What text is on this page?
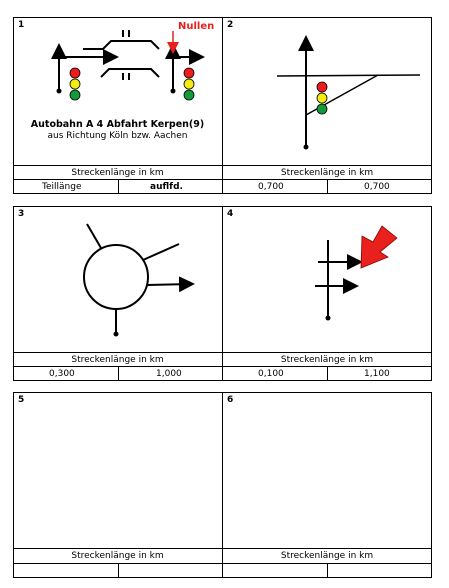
1	Nullen
Autobahn A 4 Abfahrt Kerpen(9)
aus Richtung Köln bzw. Aachen
2
Streckenlänge in km	Streckenlänge in km
Teillänge	auflfd.	0,700	0,700
3	4
Streckenlänge in km	Streckenlänge in km
0,300	1,000	0,100	1,100
5	6
Streckenlänge in km	Streckenlänge in km
